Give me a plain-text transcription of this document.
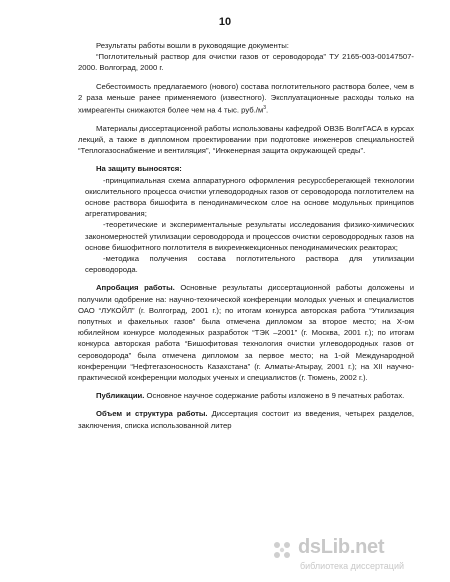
10

Результаты работы вошли в руководящие документы:

“Поглотительный раствор для очистки газов от сероводорода” ТУ 2165-003-00147507-2000. Волгоград, 2000 г.

Себестоимость предлагаемого (нового) состава поглотительного раствора более, чем в 2 раза меньше ранее применяемого (известного). Эксплуатационные расходы только на химреагенты снижаются более чем на 4 тыс. $руб./м^3$.

Материалы диссертационной работы использованы кафедрой ОВЗБ ВолгГАСА в курсах лекций, а также в дипломном проектировании при подготовке инженеров специальностей “Теплогазоснабжение и вентиляция”, “Инженерная защита окружающей среды”.

На защиту выносятся:

-принципиальная схема аппаратурного оформления ресурссберегающей технологии окислительного процесса очистки углеводородных газов от сероводорода поглотителем на основе раствора бишофита в пенодинамическом слое на основе модульных принципов агрегатирования;

-теоретические и экспериментальные результаты исследования физико-химических закономерностей утилизации сероводорода и процессов очистки сероводородных газов на основе бишофитного поглотителя в вихреинжекционных пенодинамических реакторах;

-методика получения состава поглотительного раствора для утилизации сероводорода.

Апробация работы. Основные результаты диссертационной работы доложены и получили одобрение на: научно-технической конференции молодых ученых и специалистов ОАО “ЛУКОЙЛ” (г. Волгоград, 2001 г.); по итогам конкурса авторская работа “Утилизация попутных и факельных газов” была отмечена дипломом за второе место; на Х-ом юбилейном конкурсе молодежных разработок “ТЭК –2001” (г. Москва, 2001 г.); по итогам конкурса авторская работа “Бишофитовая технология очистки углеводородных газов от сероводорода” была отмечена дипломом за первое место; на 1-ой Международной конференции “Нефтегазоносность Казахстана” (г. Алматы-Атырау, 2001 г.); на XII научно-практической конференции молодых ученых и специалистов (г. Тюмень, 2002 г.).

Публикации. Основное научное содержание работы изложено в 9 печатных работах.

Объем и структура работы. Диссертация состоит из введения, четырех разделов, заключения, списка использованной литер

dsLib.net
библиотека диссертаций
